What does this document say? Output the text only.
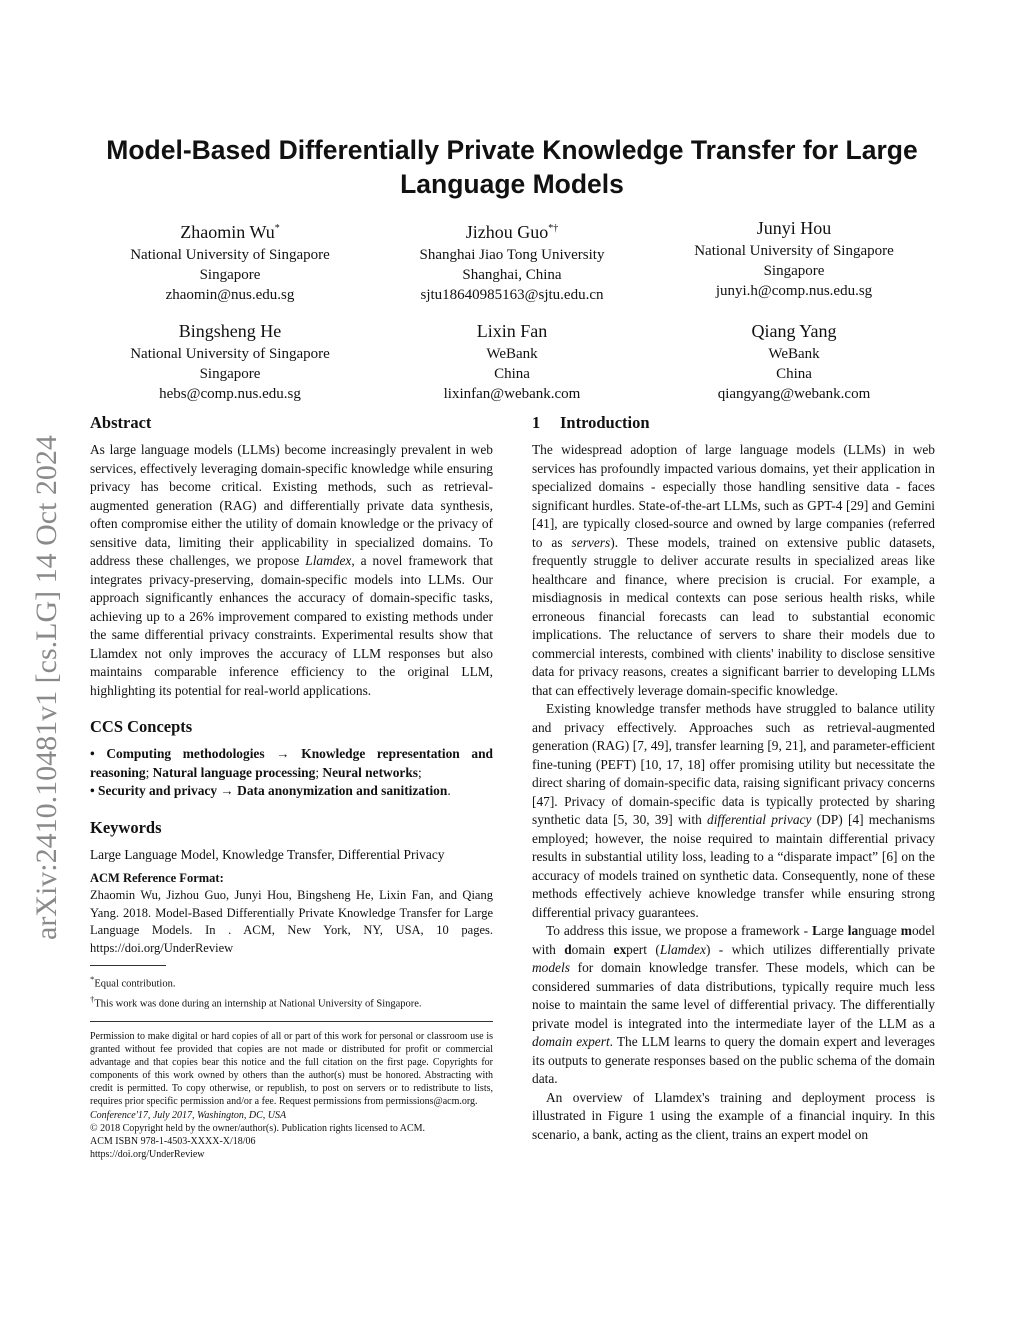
arXiv:2410.10481v1 [cs.LG] 14 Oct 2024
Model-Based Differentially Private Knowledge Transfer for Large Language Models
Zhaomin Wu*
National University of Singapore
Singapore
zhaomin@nus.edu.sg
Jizhou Guo*†
Shanghai Jiao Tong University
Shanghai, China
sjtu18640985163@sjtu.edu.cn
Junyi Hou
National University of Singapore
Singapore
junyi.h@comp.nus.edu.sg
Bingsheng He
National University of Singapore
Singapore
hebs@comp.nus.edu.sg
Lixin Fan
WeBank
China
lixinfan@webank.com
Qiang Yang
WeBank
China
qiangyang@webank.com
Abstract

As large language models (LLMs) become increasingly prevalent in web services, effectively leveraging domain-specific knowledge while ensuring privacy has become critical. Existing methods, such as retrieval-augmented generation (RAG) and differentially private data synthesis, often compromise either the utility of domain knowledge or the privacy of sensitive data, limiting their applicability in specialized domains. To address these challenges, we propose Llamdex, a novel framework that integrates privacy-preserving, domain-specific models into LLMs. Our approach significantly enhances the accuracy of domain-specific tasks, achieving up to a 26% improvement compared to existing methods under the same differential privacy constraints. Experimental results show that Llamdex not only improves the accuracy of LLM responses but also maintains comparable inference efficiency to the original LLM, highlighting its potential for real-world applications.

CCS Concepts

• Computing methodologies → Knowledge representation and reasoning; Natural language processing; Neural networks;
• Security and privacy → Data anonymization and sanitization.

Keywords

Large Language Model, Knowledge Transfer, Differential Privacy

ACM Reference Format:
Zhaomin Wu, Jizhou Guo, Junyi Hou, Bingsheng He, Lixin Fan, and Qiang Yang. 2018. Model-Based Differentially Private Knowledge Transfer for Large Language Models. In . ACM, New York, NY, USA, 10 pages. https://doi.org/UnderReview
*Equal contribution.
†This work was done during an internship at National University of Singapore.
Permission to make digital or hard copies of all or part of this work for personal or classroom use is granted without fee provided that copies are not made or distributed for profit or commercial advantage and that copies bear this notice and the full citation on the first page. Copyrights for components of this work owned by others than the author(s) must be honored. Abstracting with credit is permitted. To copy otherwise, or republish, to post on servers or to redistribute to lists, requires prior specific permission and/or a fee. Request permissions from permissions@acm.org.
Conference'17, July 2017, Washington, DC, USA
© 2018 Copyright held by the owner/author(s). Publication rights licensed to ACM.
ACM ISBN 978-1-4503-XXXX-X/18/06
https://doi.org/UnderReview
1 Introduction

The widespread adoption of large language models (LLMs) in web services has profoundly impacted various domains, yet their application in specialized domains - especially those handling sensitive data - faces significant hurdles. State-of-the-art LLMs, such as GPT-4 [29] and Gemini [41], are typically closed-source and owned by large companies (referred to as servers). These models, trained on extensive public datasets, frequently struggle to deliver accurate results in specialized areas like healthcare and finance, where precision is crucial. For example, a misdiagnosis in medical contexts can pose serious health risks, while erroneous financial forecasts can lead to substantial economic implications. The reluctance of servers to share their models due to commercial interests, combined with clients' inability to disclose sensitive data for privacy reasons, creates a significant barrier to developing LLMs that can effectively leverage domain-specific knowledge.

Existing knowledge transfer methods have struggled to balance utility and privacy effectively. Approaches such as retrieval-augmented generation (RAG) [7, 49], transfer learning [9, 21], and parameter-efficient fine-tuning (PEFT) [10, 17, 18] offer promising utility but necessitate the direct sharing of domain-specific data, raising significant privacy concerns [47]. Privacy of domain-specific data is typically protected by sharing synthetic data [5, 30, 39] with differential privacy (DP) [4] mechanisms employed; however, the noise required to maintain differential privacy results in substantial utility loss, leading to a “disparate impact” [6] on the accuracy of models trained on synthetic data. Consequently, none of these methods effectively achieve knowledge transfer while ensuring strong differential privacy guarantees.

To address this issue, we propose a framework - Large language model with domain expert (Llamdex) - which utilizes differentially private models for domain knowledge transfer. These models, which can be considered summaries of data distributions, typically require much less noise to maintain the same level of differential privacy. The differentially private model is integrated into the intermediate layer of the LLM as a domain expert. The LLM learns to query the domain expert and leverages its outputs to generate responses based on the public schema of the domain data.

An overview of Llamdex's training and deployment process is illustrated in Figure 1 using the example of a financial inquiry. In this scenario, a bank, acting as the client, trains an expert model on
